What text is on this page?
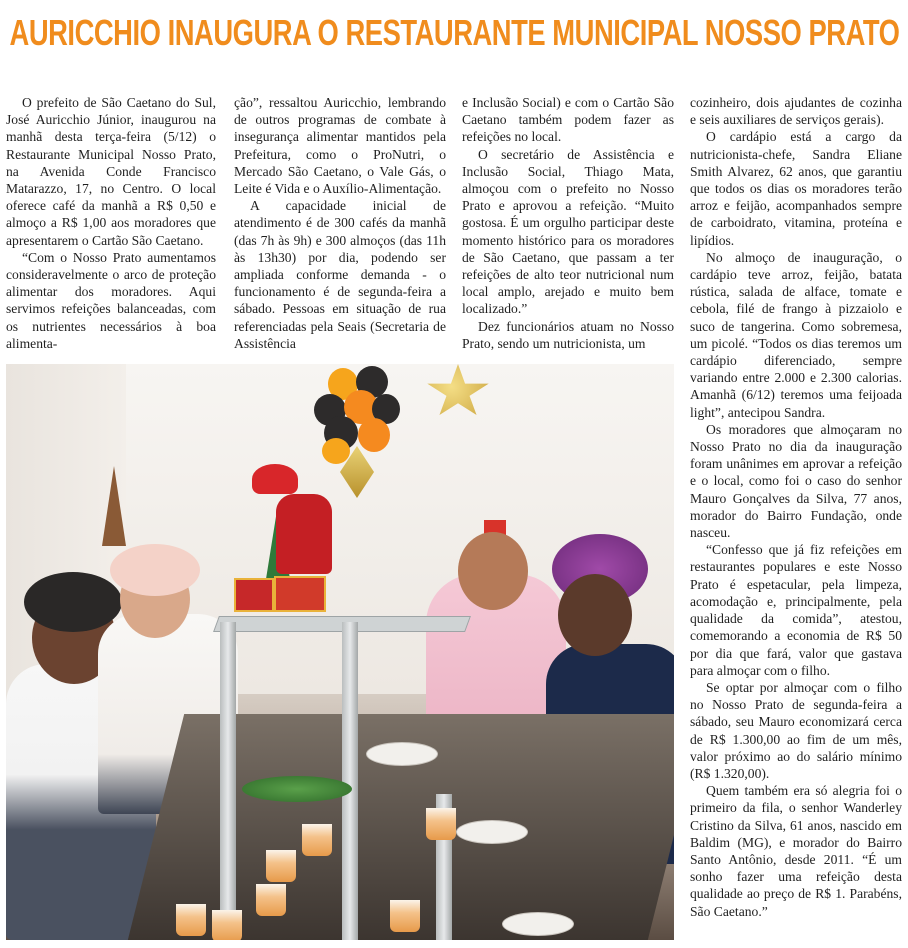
AURICCHIO INAUGURA O RESTAURANTE MUNICIPAL NOSSO PRATO

O prefeito de São Caetano do Sul, José Auricchio Júnior, inaugurou na manhã desta terça-feira (5/12) o Restaurante Municipal Nosso Prato, na Avenida Conde Francisco Matarazzo, 17, no Centro. O local oferece café da manhã a R$ 0,50 e almoço a R$ 1,00 aos moradores que apresentarem o Cartão São Caetano.

“Com o Nosso Prato aumentamos consideravelmente o arco de proteção alimentar dos moradores. Aqui servimos refeições balanceadas, com os nutrientes necessários à boa alimenta-

ção”, ressaltou Auricchio, lembrando de outros programas de combate à insegurança alimentar mantidos pela Prefeitura, como o ProNutri, o Mercado São Caetano, o Vale Gás, o Leite é Vida e o Auxílio-Alimentação.

A capacidade inicial de atendimento é de 300 cafés da manhã (das 7h às 9h) e 300 almoços (das 11h às 13h30) por dia, podendo ser ampliada conforme demanda - o funcionamento é de segunda-feira a sábado. Pessoas em situação de rua referenciadas pela Seais (Secretaria de Assistência

e Inclusão Social) e com o Cartão São Caetano também podem fazer as refeições no local.

O secretário de Assistência e Inclusão Social, Thiago Mata, almoçou com o prefeito no Nosso Prato e aprovou a refeição. “Muito gostosa. É um orgulho participar deste momento histórico para os moradores de São Caetano, que passam a ter refeições de alto teor nutricional num local amplo, arejado e muito bem localizado.”

Dez funcionários atuam no Nosso Prato, sendo um nutricionista, um

cozinheiro, dois ajudantes de cozinha e seis auxiliares de serviços gerais).

O cardápio está a cargo da nutricionista-chefe, Sandra Eliane Smith Alvarez, 62 anos, que garantiu que todos os dias os moradores terão arroz e feijão, acompanhados sempre de carboidrato, vitamina, proteína e lipídios.

No almoço de inauguração, o cardápio teve arroz, feijão, batata rústica, salada de alface, tomate e cebola, filé de frango à pizzaiolo e suco de tangerina. Como sobremesa, um picolé. “Todos os dias teremos um cardápio diferenciado, sempre variando entre 2.000 e 2.300 calorias. Amanhã (6/12) teremos uma feijoada light”, antecipou Sandra.

Os moradores que almoçaram no Nosso Prato no dia da inauguração foram unânimes em aprovar a refeição e o local, como foi o caso do senhor Mauro Gonçalves da Silva, 77 anos, morador do Bairro Fundação, onde nasceu.

“Confesso que já fiz refeições em restaurantes populares e este Nosso Prato é espetacular, pela limpeza, acomodação e, principalmente, pela qualidade da comida”, atestou, comemorando a economia de R$ 50 por dia que fará, valor que gastava para almoçar com o filho.

Se optar por almoçar com o filho no Nosso Prato de segunda-feira a sábado, seu Mauro economizará cerca de R$ 1.300,00 ao fim de um mês, valor próximo ao do salário mínimo (R$ 1.320,00).

Quem também era só alegria foi o primeiro da fila, o senhor Wanderley Cristino da Silva, 61 anos, nascido em Baldim (MG), e morador do Bairro Santo Antônio, desde 2011. “É um sonho fazer uma refeição desta qualidade ao preço de R$ 1. Parabéns, São Caetano.”
